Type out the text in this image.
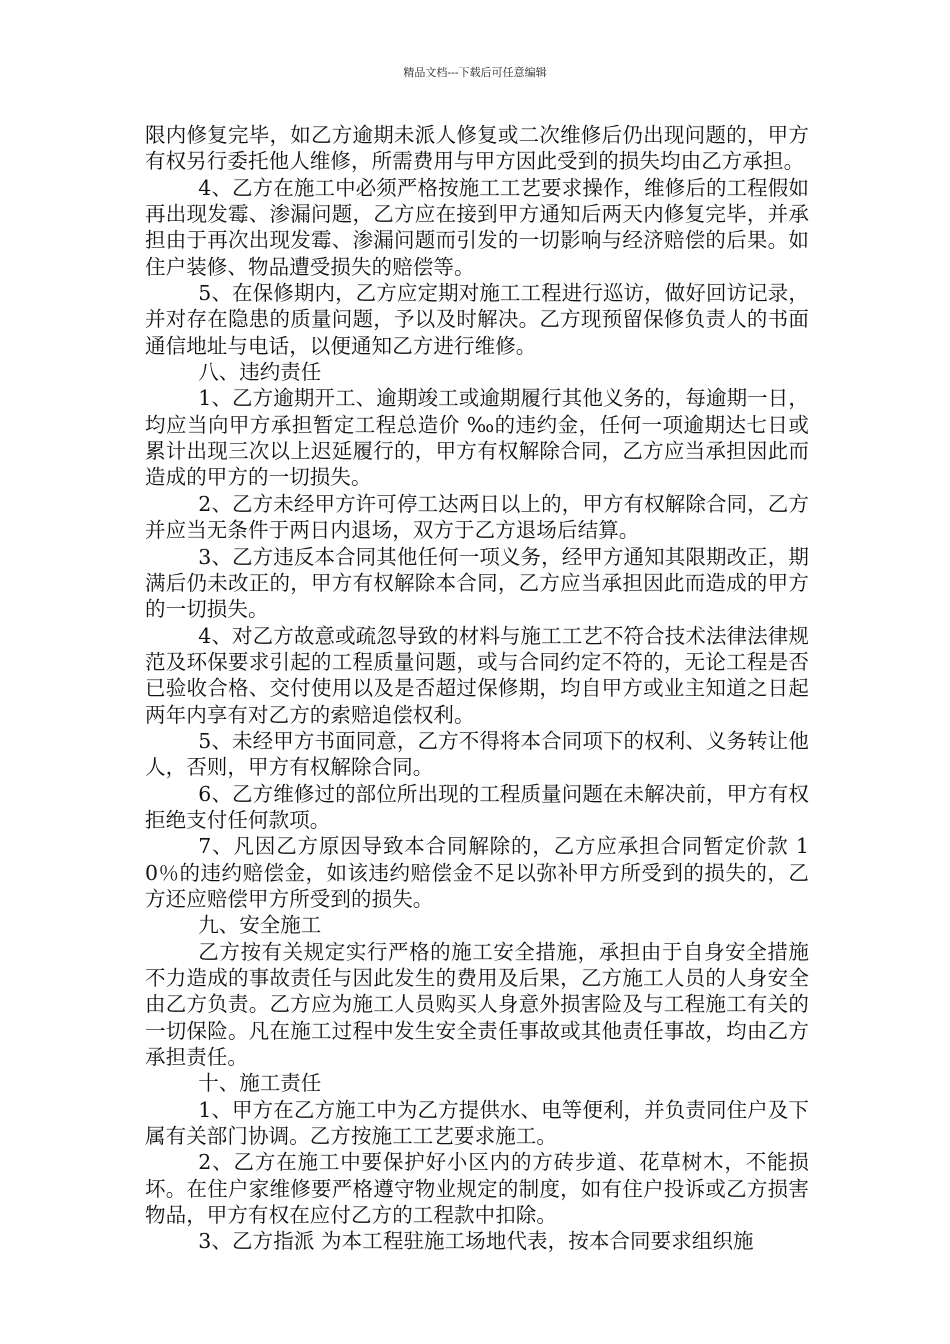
精品文档---下载后可任意编辑

限内修复完毕，如乙方逾期未派人修复或二次维修后仍出现问题的，甲方有权另行委托他人维修，所需费用与甲方因此受到的损失均由乙方承担。

4、乙方在施工中必须严格按施工工艺要求操作，维修后的工程假如再出现发霉、渗漏问题，乙方应在接到甲方通知后两天内修复完毕，并承担由于再次出现发霉、渗漏问题而引发的一切影响与经济赔偿的后果。如住户装修、物品遭受损失的赔偿等。

5、在保修期内，乙方应定期对施工工程进行巡访，做好回访记录，并对存在隐患的质量问题，予以及时解决。乙方现预留保修负责人的书面通信地址与电话，以便通知乙方进行维修。

八、违约责任

1、乙方逾期开工、逾期竣工或逾期履行其他义务的，每逾期一日，均应当向甲方承担暂定工程总造价 ‰的违约金，任何一项逾期达七日或累计出现三次以上迟延履行的，甲方有权解除合同，乙方应当承担因此而造成的甲方的一切损失。

2、乙方未经甲方许可停工达两日以上的，甲方有权解除合同，乙方并应当无条件于两日内退场，双方于乙方退场后结算。

3、乙方违反本合同其他任何一项义务，经甲方通知其限期改正，期满后仍未改正的，甲方有权解除本合同，乙方应当承担因此而造成的甲方的一切损失。

4、对乙方故意或疏忽导致的材料与施工工艺不符合技术法律法律规范及环保要求引起的工程质量问题，或与合同约定不符的，无论工程是否已验收合格、交付使用以及是否超过保修期，均自甲方或业主知道之日起两年内享有对乙方的索赔追偿权利。

5、未经甲方书面同意，乙方不得将本合同项下的权利、义务转让他人，否则，甲方有权解除合同。

6、乙方维修过的部位所出现的工程质量问题在未解决前，甲方有权拒绝支付任何款项。

7、凡因乙方原因导致本合同解除的，乙方应承担合同暂定价款 10％的违约赔偿金，如该违约赔偿金不足以弥补甲方所受到的损失的，乙方还应赔偿甲方所受到的损失。

九、安全施工

乙方按有关规定实行严格的施工安全措施，承担由于自身安全措施不力造成的事故责任与因此发生的费用及后果，乙方施工人员的人身安全由乙方负责。乙方应为施工人员购买人身意外损害险及与工程施工有关的一切保险。凡在施工过程中发生安全责任事故或其他责任事故，均由乙方承担责任。

十、施工责任

1、甲方在乙方施工中为乙方提供水、电等便利，并负责同住户及下属有关部门协调。乙方按施工工艺要求施工。

2、乙方在施工中要保护好小区内的方砖步道、花草树木，不能损坏。在住户家维修要严格遵守物业规定的制度，如有住户投诉或乙方损害物品，甲方有权在应付乙方的工程款中扣除。

3、乙方指派 为本工程驻施工场地代表，按本合同要求组织施
